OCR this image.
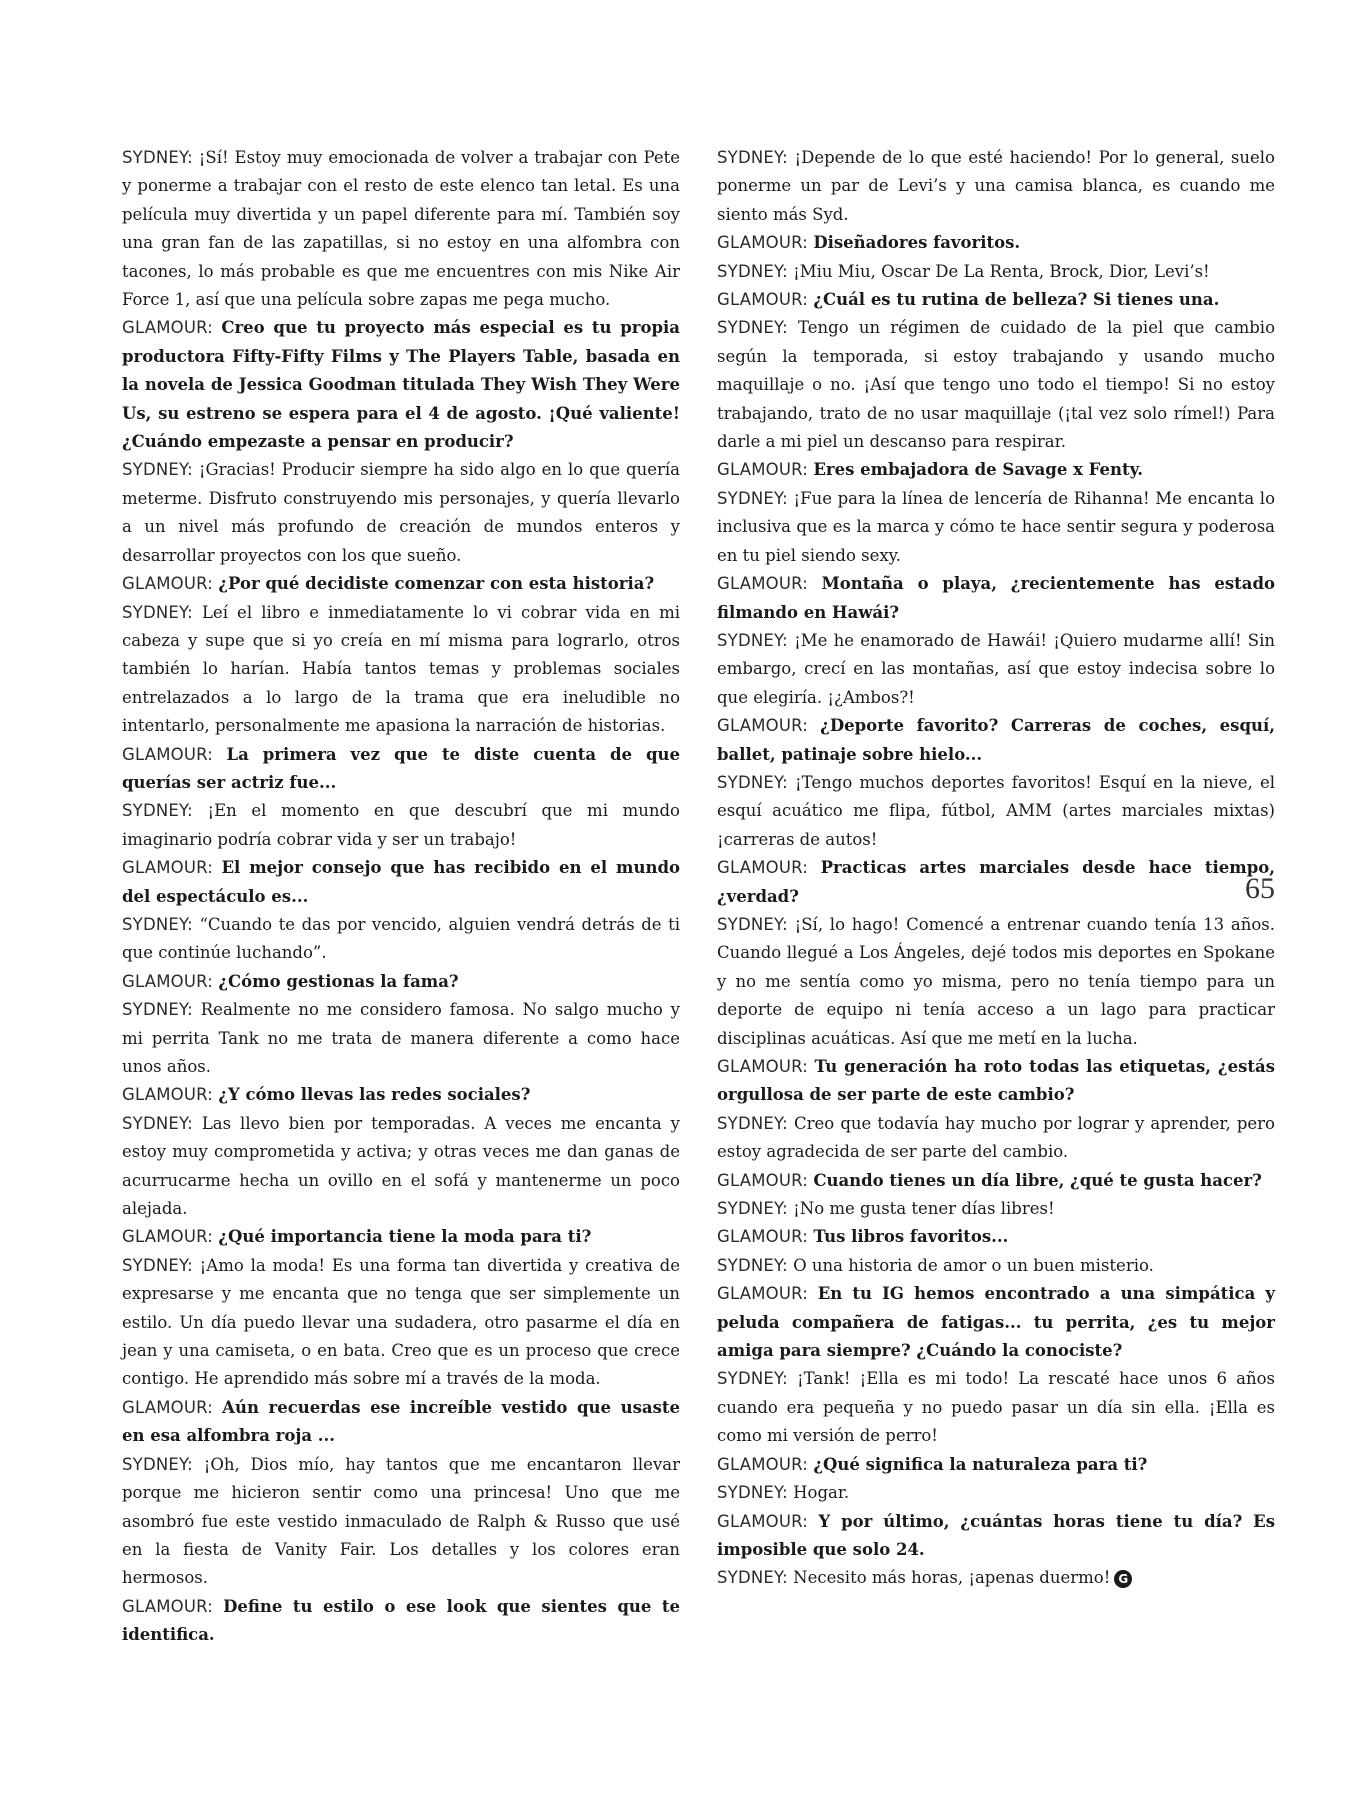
SYDNEY: ¡Sí! Estoy muy emocionada de volver a trabajar con Pete y ponerme a trabajar con el resto de este elenco tan letal. Es una película muy divertida y un papel diferente para mí. También soy una gran fan de las zapatillas, si no estoy en una alfombra con tacones, lo más probable es que me encuentres con mis Nike Air Force 1, así que una película sobre zapas me pega mucho.

GLAMOUR: Creo que tu proyecto más especial es tu propia productora Fifty-Fifty Films y The Players Table, basada en la novela de Jessica Goodman titulada They Wish They Were Us, su estreno se espera para el 4 de agosto. ¡Qué valiente! ¿Cuándo empezaste a pensar en producir?

SYDNEY: ¡Gracias! Producir siempre ha sido algo en lo que quería meterme. Disfruto construyendo mis personajes, y quería llevarlo a un nivel más profundo de creación de mundos enteros y desarrollar proyectos con los que sueño.

GLAMOUR: ¿Por qué decidiste comenzar con esta historia?

SYDNEY: Leí el libro e inmediatamente lo vi cobrar vida en mi cabeza y supe que si yo creía en mí misma para lograrlo, otros también lo harían. Había tantos temas y problemas sociales entrelazados a lo largo de la trama que era ineludible no intentarlo, personalmente me apasiona la narración de historias.

GLAMOUR: La primera vez que te diste cuenta de que querías ser actriz fue...

SYDNEY: ¡En el momento en que descubrí que mi mundo imaginario podría cobrar vida y ser un trabajo!

GLAMOUR: El mejor consejo que has recibido en el mundo del espectáculo es...

SYDNEY: “Cuando te das por vencido, alguien vendrá detrás de ti que continúe luchando”.

GLAMOUR: ¿Cómo gestionas la fama?

SYDNEY: Realmente no me considero famosa. No salgo mucho y mi perrita Tank no me trata de manera diferente a como hace unos años.

GLAMOUR: ¿Y cómo llevas las redes sociales?

SYDNEY: Las llevo bien por temporadas. A veces me encanta y estoy muy comprometida y activa; y otras veces me dan ganas de acurrucarme hecha un ovillo en el sofá y mantenerme un poco alejada.

GLAMOUR: ¿Qué importancia tiene la moda para ti?

SYDNEY: ¡Amo la moda! Es una forma tan divertida y creativa de expresarse y me encanta que no tenga que ser simplemente un estilo. Un día puedo llevar una sudadera, otro pasarme el día en jean y una camiseta, o en bata. Creo que es un proceso que crece contigo. He aprendido más sobre mí a través de la moda.

GLAMOUR: Aún recuerdas ese increíble vestido que usaste en esa alfombra roja ...

SYDNEY: ¡Oh, Dios mío, hay tantos que me encantaron llevar porque me hicieron sentir como una princesa! Uno que me asombró fue este vestido inmaculado de Ralph & Russo que usé en la fiesta de Vanity Fair. Los detalles y los colores eran hermosos.

GLAMOUR: Define tu estilo o ese look que sientes que te identifica.

SYDNEY: ¡Depende de lo que esté haciendo! Por lo general, suelo ponerme un par de Levi’s y una camisa blanca, es cuando me siento más Syd.

GLAMOUR: Diseñadores favoritos.

SYDNEY: ¡Miu Miu, Oscar De La Renta, Brock, Dior, Levi’s!

GLAMOUR: ¿Cuál es tu rutina de belleza? Si tienes una.

SYDNEY: Tengo un régimen de cuidado de la piel que cambio según la temporada, si estoy trabajando y usando mucho maquillaje o no. ¡Así que tengo uno todo el tiempo! Si no estoy trabajando, trato de no usar maquillaje (¡tal vez solo rímel!) Para darle a mi piel un descanso para respirar.

GLAMOUR: Eres embajadora de Savage x Fenty.

SYDNEY: ¡Fue para la línea de lencería de Rihanna! Me encanta lo inclusiva que es la marca y cómo te hace sentir segura y poderosa en tu piel siendo sexy.

GLAMOUR: Montaña o playa, ¿recientemente has estado filmando en Hawái?

SYDNEY: ¡Me he enamorado de Hawái! ¡Quiero mudarme allí! Sin embargo, crecí en las montañas, así que estoy indecisa sobre lo que elegiría. ¡¿Ambos?!

GLAMOUR: ¿Deporte favorito? Carreras de coches, esquí, ballet, patinaje sobre hielo...

SYDNEY: ¡Tengo muchos deportes favoritos! Esquí en la nieve, el esquí acuático me flipa, fútbol, AMM (artes marciales mixtas) ¡carreras de autos!

GLAMOUR: Practicas artes marciales desde hace tiempo, ¿verdad?

SYDNEY: ¡Sí, lo hago! Comencé a entrenar cuando tenía 13 años. Cuando llegué a Los Ángeles, dejé todos mis deportes en Spokane y no me sentía como yo misma, pero no tenía tiempo para un deporte de equipo ni tenía acceso a un lago para practicar disciplinas acuáticas. Así que me metí en la lucha.

GLAMOUR: Tu generación ha roto todas las etiquetas, ¿estás orgullosa de ser parte de este cambio?

SYDNEY: Creo que todavía hay mucho por lograr y aprender, pero estoy agradecida de ser parte del cambio.

GLAMOUR: Cuando tienes un día libre, ¿qué te gusta hacer?

SYDNEY: ¡No me gusta tener días libres!

GLAMOUR: Tus libros favoritos...

SYDNEY: O una historia de amor o un buen misterio.

GLAMOUR: En tu IG hemos encontrado a una simpática y peluda compañera de fatigas... tu perrita, ¿es tu mejor amiga para siempre? ¿Cuándo la conociste?

SYDNEY: ¡Tank! ¡Ella es mi todo! La rescaté hace unos 6 años cuando era pequeña y no puedo pasar un día sin ella. ¡Ella es como mi versión de perro!

GLAMOUR: ¿Qué significa la naturaleza para ti?

SYDNEY: Hogar.

GLAMOUR: Y por último, ¿cuántas horas tiene tu día? Es imposible que solo 24.

SYDNEY: Necesito más horas, ¡apenas duermo! G

65
